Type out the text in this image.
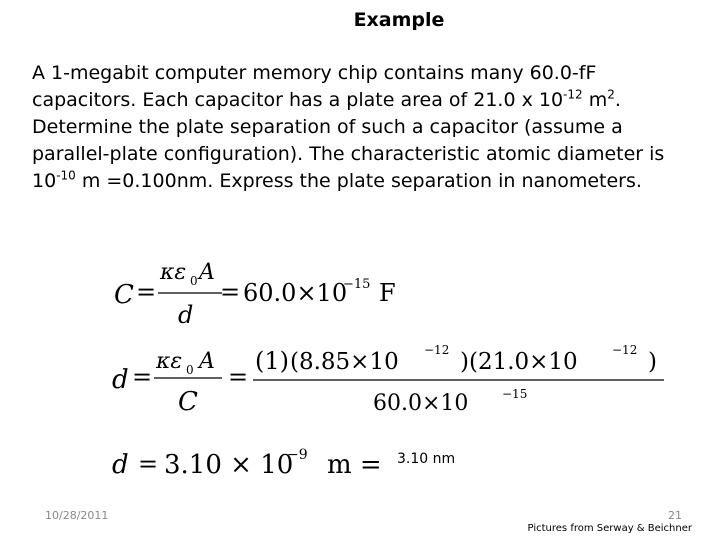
Example
A 1-megabit computer memory chip contains many 60.0-fF capacitors. Each capacitor has a plate area of 21.0 x $10^{-12}$ $m^2$. Determine the plate separation of such a capacitor (assume a parallel-plate configuration). The characteristic atomic diameter is $10^{-10}$ m =0.100nm. Express the plate separation in nanometers.
C =
κε 0 A
d
= 60.0×10
−15 F
d =
κε 0 A
C
=
(1) (8.85×10 −12 )(21.0×10	−12 )
60.0×10	−15
d = 3.10 × 10
−9 m = 3.10 nm
10/28/2011	21
Pictures from Serway & Beichner
